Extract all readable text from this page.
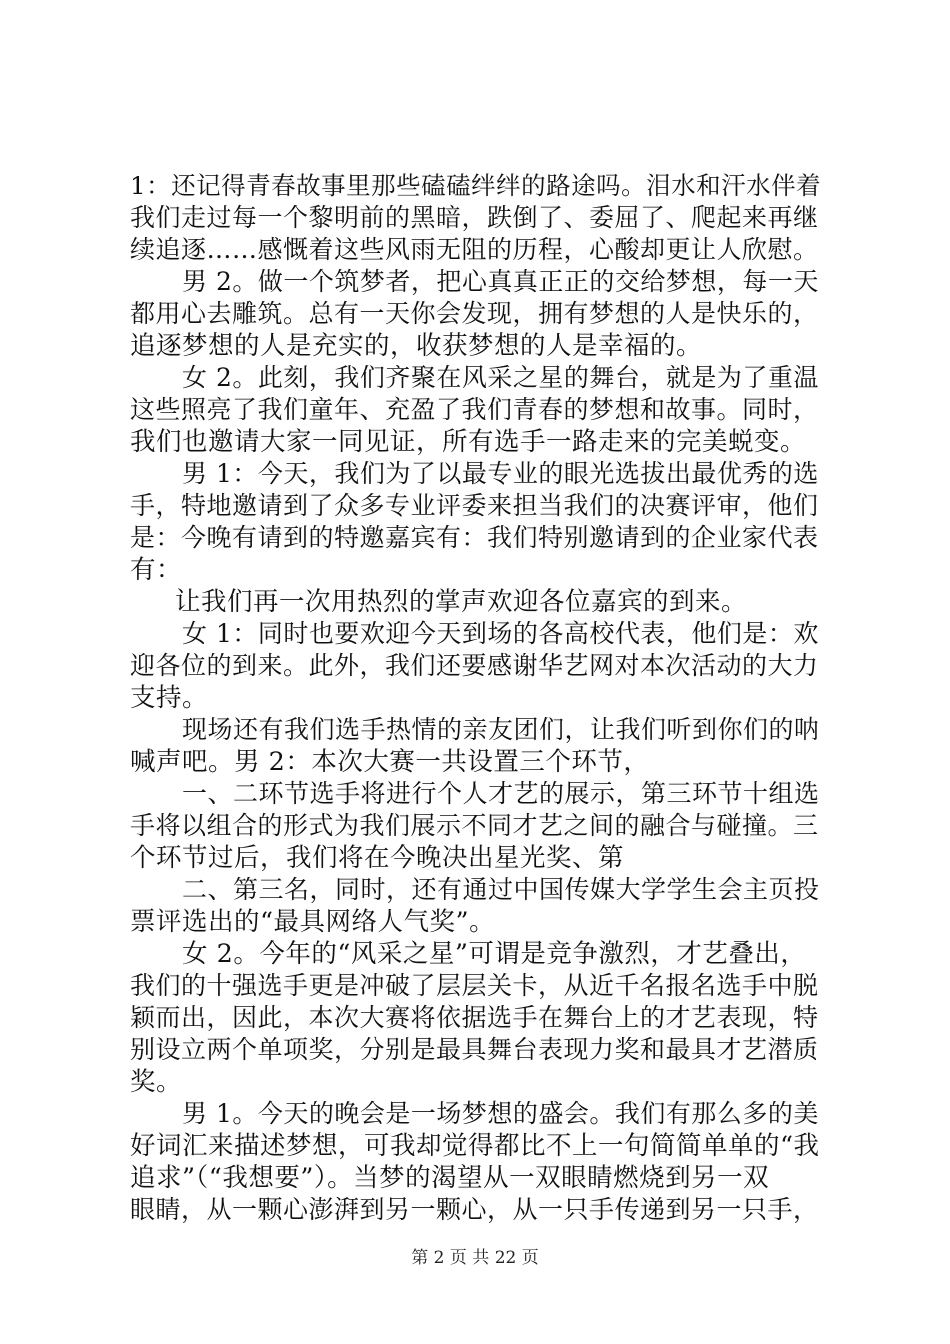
1：还记得青春故事里那些磕磕绊绊的路途吗。泪水和汗水伴着
我们走过每一个黎明前的黑暗，跌倒了、委屈了、爬起来再继
续追逐……感慨着这些风雨无阻的历程，心酸却更让人欣慰。
男 2。做一个筑梦者，把心真真正正的交给梦想，每一天
都用心去雕筑。总有一天你会发现，拥有梦想的人是快乐的，
追逐梦想的人是充实的，收获梦想的人是幸福的。
女 2。此刻，我们齐聚在风采之星的舞台，就是为了重温
这些照亮了我们童年、充盈了我们青春的梦想和故事。同时，
我们也邀请大家一同见证，所有选手一路走来的完美蜕变。
男 1：今天，我们为了以最专业的眼光选拔出最优秀的选
手，特地邀请到了众多专业评委来担当我们的决赛评审，他们
是：今晚有请到的特邀嘉宾有：我们特别邀请到的企业家代表
有：
让我们再一次用热烈的掌声欢迎各位嘉宾的到来。
女 1：同时也要欢迎今天到场的各高校代表，他们是：欢
迎各位的到来。此外，我们还要感谢华艺网对本次活动的大力
支持。
现场还有我们选手热情的亲友团们，让我们听到你们的呐
喊声吧。男 2：本次大赛一共设置三个环节，
一、二环节选手将进行个人才艺的展示，第三环节十组选
手将以组合的形式为我们展示不同才艺之间的融合与碰撞。三
个环节过后，我们将在今晚决出星光奖、第
二、第三名，同时，还有通过中国传媒大学学生会主页投
票评选出的“最具网络人气奖”。
女 2。今年的“风采之星”可谓是竞争激烈，才艺叠出，
我们的十强选手更是冲破了层层关卡，从近千名报名选手中脱
颖而出，因此，本次大赛将依据选手在舞台上的才艺表现，特
别设立两个单项奖，分别是最具舞台表现力奖和最具才艺潜质
奖。
男 1。今天的晚会是一场梦想的盛会。我们有那么多的美
好词汇来描述梦想，可我却觉得都比不上一句简简单单的“我
追求”（“我想要”）。当梦的渴望从一双眼睛燃烧到另一双
眼睛，从一颗心澎湃到另一颗心，从一只手传递到另一只手，
第 2 页 共 22 页
